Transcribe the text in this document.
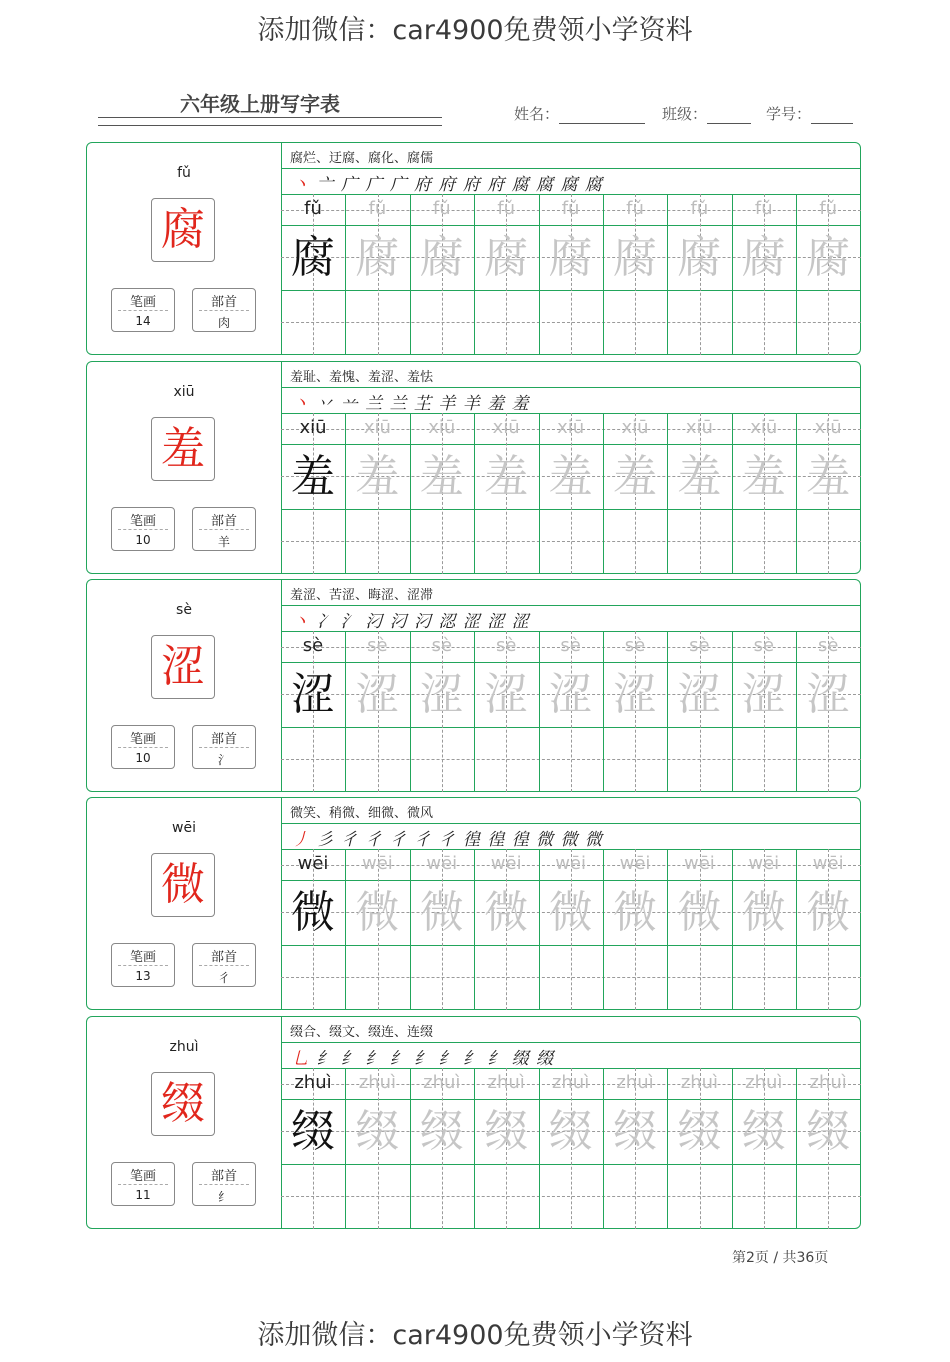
添加微信：car4900免费领小学资料
六年级上册写字表	姓名：	班级：	学号：
fǔ
腐
笔画
14
部首
肉
腐烂、迂腐、腐化、腐儒
丶 亠 广 广 广 府 府 府 府 腐 腐 腐 腐
fǔ
腐
fǔ
腐
fǔ
腐
fǔ
腐
fǔ
腐
fǔ
腐
fǔ
腐
fǔ
腐
fǔ
腐
xiū
羞
笔画
10
部首
羊
羞耻、羞愧、羞涩、羞怯
丶 丷 䒑 兰 兰 芏 羊 羊 羞 羞
xiū
羞
xiū
羞
xiū
羞
xiū
羞
xiū
羞
xiū
羞
xiū
羞
xiū
羞
xiū
羞
sè
涩
笔画
10
部首
氵
羞涩、苦涩、晦涩、涩滞
丶 冫 氵 汈 汈 汈 涊 涩 涩 涩
sè
涩
sè
涩
sè
涩
sè
涩
sè
涩
sè
涩
sè
涩
sè
涩
sè
涩
wēi
微
笔画
13
部首
彳
微笑、稍微、细微、微风
丿 彡 彳 彳 彳 彳 彳 徨 徨 徨 微 微 微
wēi
微
wēi
微
wēi
微
wēi
微
wēi
微
wēi
微
wēi
微
wēi
微
wēi
微
zhuì
缀
笔画
11
部首
纟
缀合、缀文、缀连、连缀
乚 纟 纟 纟 纟 纟 纟 纟 纟 缀 缀
zhuì
缀
zhuì
缀
zhuì
缀
zhuì
缀
zhuì
缀
zhuì
缀
zhuì
缀
zhuì
缀
zhuì
缀
第2页 / 共36页
添加微信：car4900免费领小学资料
